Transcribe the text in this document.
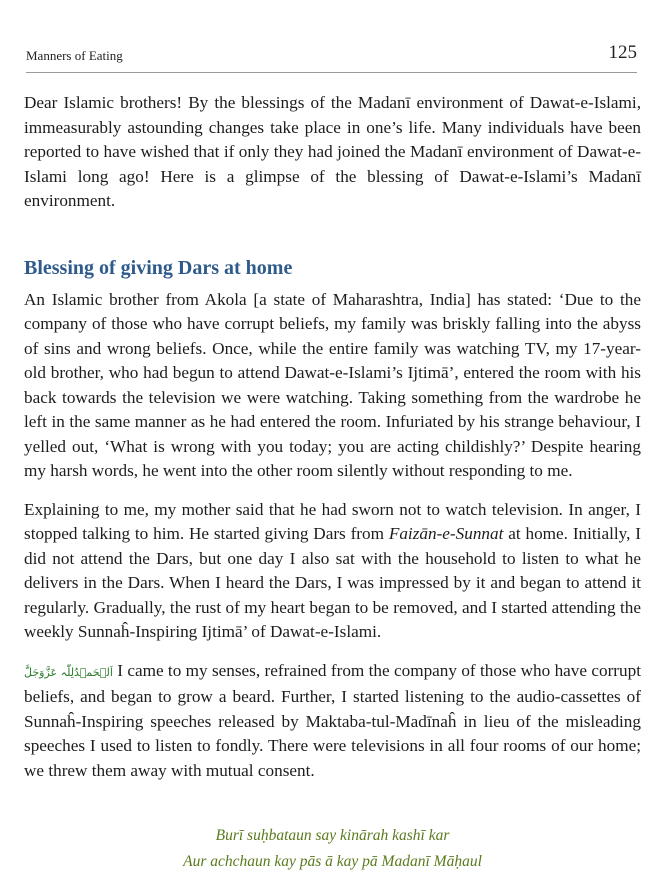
Manners of Eating	125

Dear Islamic brothers! By the blessings of the Madanī environment of Dawat-e-Islami, immeasurably astounding changes take place in one’s life. Many individuals have been reported to have wished that if only they had joined the Madanī environment of Dawat-e-Islami long ago! Here is a glimpse of the blessing of Dawat-e-Islami’s Madanī environment.

Blessing of giving Dars at home

An Islamic brother from Akola [a state of Maharashtra, India] has stated: ‘Due to the company of those who have corrupt beliefs, my family was briskly falling into the abyss of sins and wrong beliefs. Once, while the entire family was watching TV, my 17-year-old brother, who had begun to attend Dawat-e-Islami’s Ijtimā’, entered the room with his back towards the television we were watching. Taking something from the wardrobe he left in the same manner as he had entered the room. Infuriated by his strange behaviour, I yelled out, ‘What is wrong with you today; you are acting childishly?’ Despite hearing my harsh words, he went into the other room silently without responding to me.

Explaining to me, my mother said that he had sworn not to watch television. In anger, I stopped talking to him. He started giving Dars from Faizān-e-Sunnat at home. Initially, I did not attend the Dars, but one day I also sat with the household to listen to what he delivers in the Dars. When I heard the Dars, I was impressed by it and began to attend it regularly. Gradually, the rust of my heart began to be removed, and I started attending the weekly Sunnaĥ-Inspiring Ijtimā’ of Dawat-e-Islami.

اَلۡحَمۡدُلِلّٰہ عَزَّوَجَلَّ I came to my senses, refrained from the company of those who have corrupt beliefs, and began to grow a beard. Further, I started listening to the audio-cassettes of Sunnaĥ-Inspiring speeches released by Maktaba-tul-Madīnaĥ in lieu of the misleading speeches I used to listen to fondly. There were televisions in all four rooms of our home; we threw them away with mutual consent.

Burī suḥbataun say kinārah kashī kar
Aur achchaun kay pās ā kay pā Madanī Māḥaul
